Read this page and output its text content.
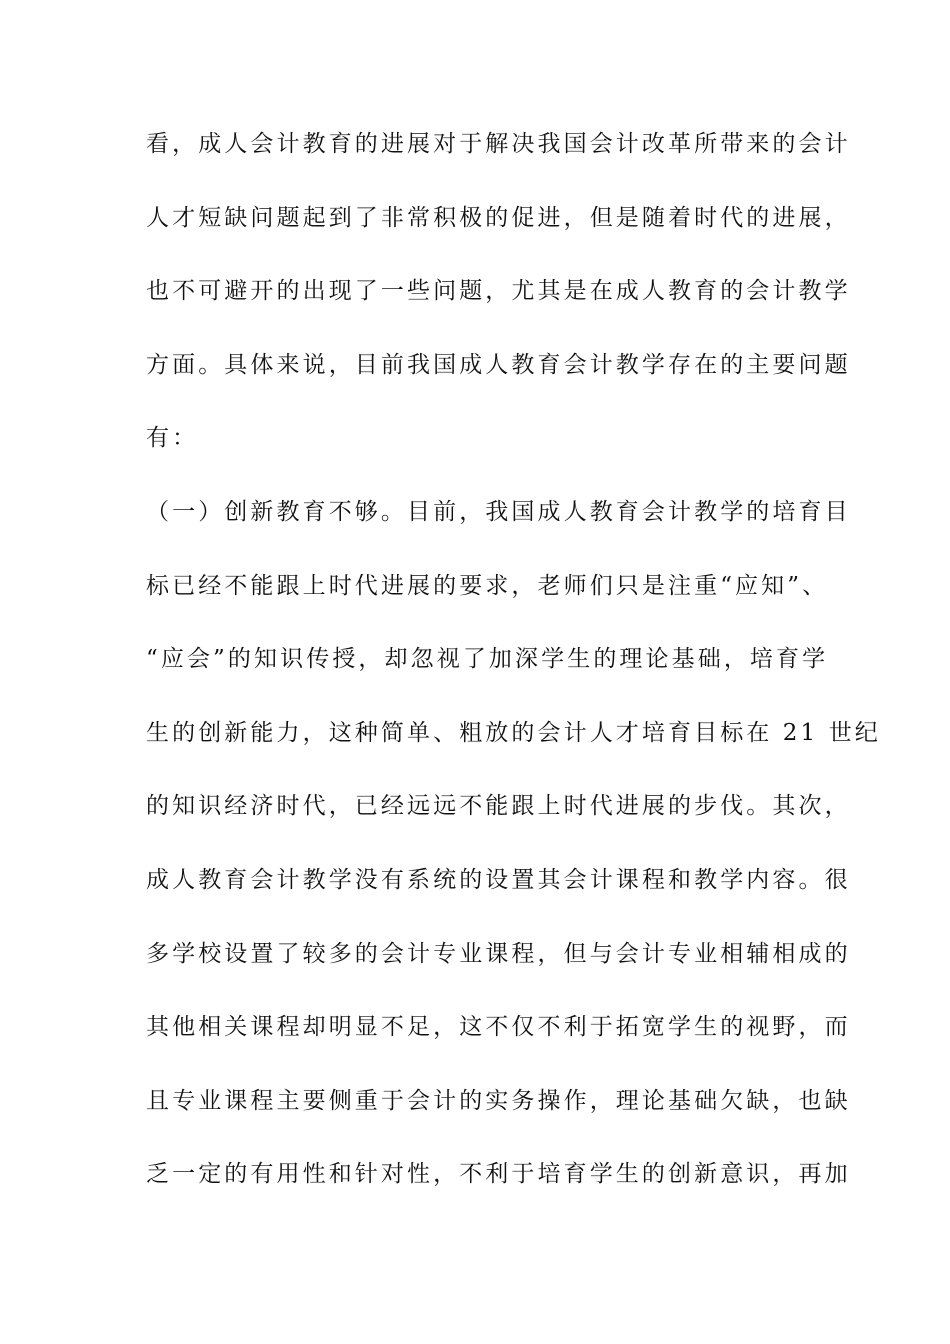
看，成人会计教育的进展对于解决我国会计改革所带来的会计
人才短缺问题起到了非常积极的促进，但是随着时代的进展，
也不可避开的出现了一些问题，尤其是在成人教育的会计教学
方面。具体来说，目前我国成人教育会计教学存在的主要问题
有：
（一）创新教育不够。目前，我国成人教育会计教学的培育目
标已经不能跟上时代进展的要求，老师们只是注重“应知”、
“应会”的知识传授，却忽视了加深学生的理论基础，培育学
生的创新能力，这种简单、粗放的会计人才培育目标在 21 世纪
的知识经济时代，已经远远不能跟上时代进展的步伐。其次，
成人教育会计教学没有系统的设置其会计课程和教学内容。很
多学校设置了较多的会计专业课程，但与会计专业相辅相成的
其他相关课程却明显不足，这不仅不利于拓宽学生的视野，而
且专业课程主要侧重于会计的实务操作，理论基础欠缺，也缺
乏一定的有用性和针对性，不利于培育学生的创新意识，再加
